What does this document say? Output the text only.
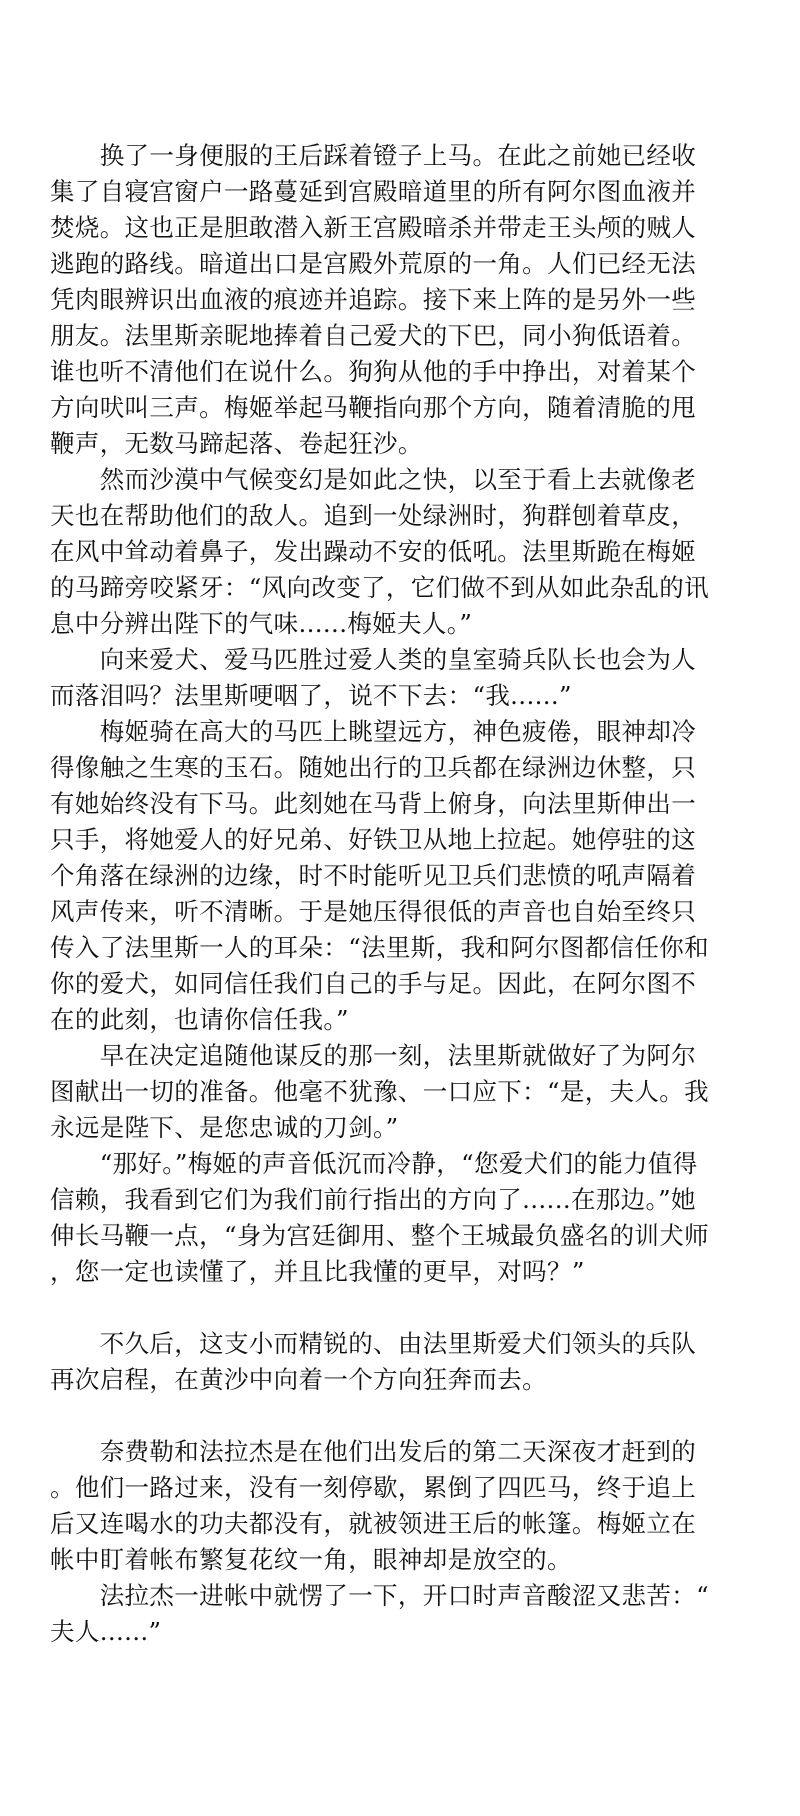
　　换了一身便服的王后踩着镫子上马。在此之前她已经收
集了自寝宫窗户一路蔓延到宫殿暗道里的所有阿尔图血液并
焚烧。这也正是胆敢潜入新王宫殿暗杀并带走王头颅的贼人
逃跑的路线。暗道出口是宫殿外荒原的一角。人们已经无法
凭肉眼辨识出血液的痕迹并追踪。接下来上阵的是另外一些
朋友。法里斯亲昵地捧着自己爱犬的下巴，同小狗低语着。
谁也听不清他们在说什么。狗狗从他的手中挣出，对着某个
方向吠叫三声。梅姬举起马鞭指向那个方向，随着清脆的甩
鞭声，无数马蹄起落、卷起狂沙。
　　然而沙漠中气候变幻是如此之快，以至于看上去就像老
天也在帮助他们的敌人。追到一处绿洲时，狗群刨着草皮，
在风中耸动着鼻子，发出躁动不安的低吼。法里斯跪在梅姬
的马蹄旁咬紧牙：“风向改变了，它们做不到从如此杂乱的讯
息中分辨出陛下的气味......梅姬夫人。”
　　向来爱犬、爱马匹胜过爱人类的皇室骑兵队长也会为人
而落泪吗？法里斯哽咽了，说不下去：“我......”
　　梅姬骑在高大的马匹上眺望远方，神色疲倦，眼神却冷
得像触之生寒的玉石。随她出行的卫兵都在绿洲边休整，只
有她始终没有下马。此刻她在马背上俯身，向法里斯伸出一
只手，将她爱人的好兄弟、好铁卫从地上拉起。她停驻的这
个角落在绿洲的边缘，时不时能听见卫兵们悲愤的吼声隔着
风声传来，听不清晰。于是她压得很低的声音也自始至终只
传入了法里斯一人的耳朵：“法里斯，我和阿尔图都信任你和
你的爱犬，如同信任我们自己的手与足。因此，在阿尔图不
在的此刻，也请你信任我。”
　　早在决定追随他谋反的那一刻，法里斯就做好了为阿尔
图献出一切的准备。他毫不犹豫、一口应下：“是，夫人。我
永远是陛下、是您忠诚的刀剑。”
　　“那好。”梅姬的声音低沉而冷静，“您爱犬们的能力值得
信赖，我看到它们为我们前行指出的方向了......在那边。”她
伸长马鞭一点，“身为宫廷御用、整个王城最负盛名的训犬师
，您一定也读懂了，并且比我懂的更早，对吗？”
　　不久后，这支小而精锐的、由法里斯爱犬们领头的兵队
再次启程，在黄沙中向着一个方向狂奔而去。
　　奈费勒和法拉杰是在他们出发后的第二天深夜才赶到的
。他们一路过来，没有一刻停歇，累倒了四匹马，终于追上
后又连喝水的功夫都没有，就被领进王后的帐篷。梅姬立在
帐中盯着帐布繁复花纹一角，眼神却是放空的。
　　法拉杰一进帐中就愣了一下，开口时声音酸涩又悲苦：“
夫人......”
